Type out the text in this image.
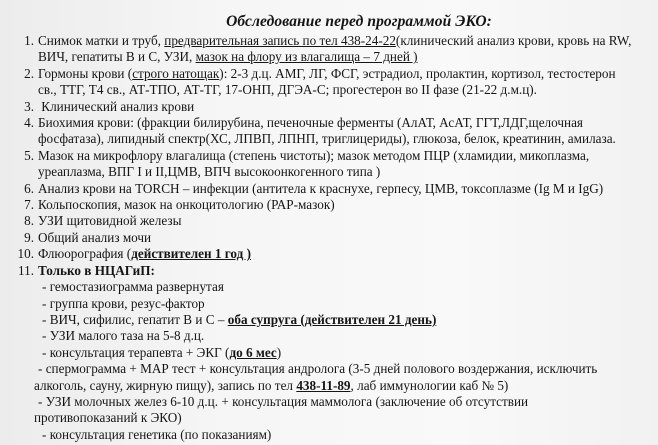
Обследование перед программой ЭКО:
1. Снимок матки и труб, предварительная запись по тел 438-24-22(клинический анализ крови, кровь на RW,
ВИЧ, гепатиты В и С, УЗИ, мазок на флору из влагалища – 7 дней )
2. Гормоны крови (строго натощак): 2-3 д.ц. АМГ, ЛГ, ФСГ, эстрадиол, пролактин, кортизол, тестостерон
св., ТТГ, Т4 св., АТ-ТПО, АТ-ТГ, 17-ОНП, ДГЭА-С; прогестерон во II фазе (21-22 д.м.ц).
3. Клинический анализ крови
4. Биохимия крови: (фракции билирубина, печеночные ферменты (АлАТ, АсАТ, ГГТ,ЛДГ,щелочная
фосфатаза), липидный спектр(ХС, ЛПВП, ЛПНП, триглицериды), глюкоза, белок, креатинин, амилаза.
5. Мазок на микрофлору влагалища (степень чистоты); мазок методом ПЦР (хламидии, микоплазма,
уреаплазма, ВПГ I и II,ЦМВ, ВПЧ высокоонкогенного типа )
6. Анализ крови на TORCH – инфекции (антитела к краснухе, герпесу, ЦМВ, токсоплазме (Ig M и IgG)
7. Кольпоскопия, мазок на онкоцитологию (РАР-мазок)
8. УЗИ щитовидной железы
9. Общий анализ мочи
10. Флюорография (действителен 1 год )
11. Только в НЦАГиП:
- гемостазиограмма развернутая
- группа крови, резус-фактор
- ВИЧ, сифилис, гепатит В и С – оба супруга (действителен 21 день)
- УЗИ малого таза на 5-8 д.ц.
- консультация терапевта + ЭКГ (до 6 мес)
- спермограмма + МАР тест + консультация андролога (3-5 дней полового воздержания, исключить
алкоголь, сауну, жирную пищу), запись по тел 438-11-89, лаб иммунологии каб № 5)
- УЗИ молочных желез 6-10 д.ц. + консультация маммолога (заключение об отсутствии
противопоказаний к ЭКО)
- консультация генетика (по показаниям)
